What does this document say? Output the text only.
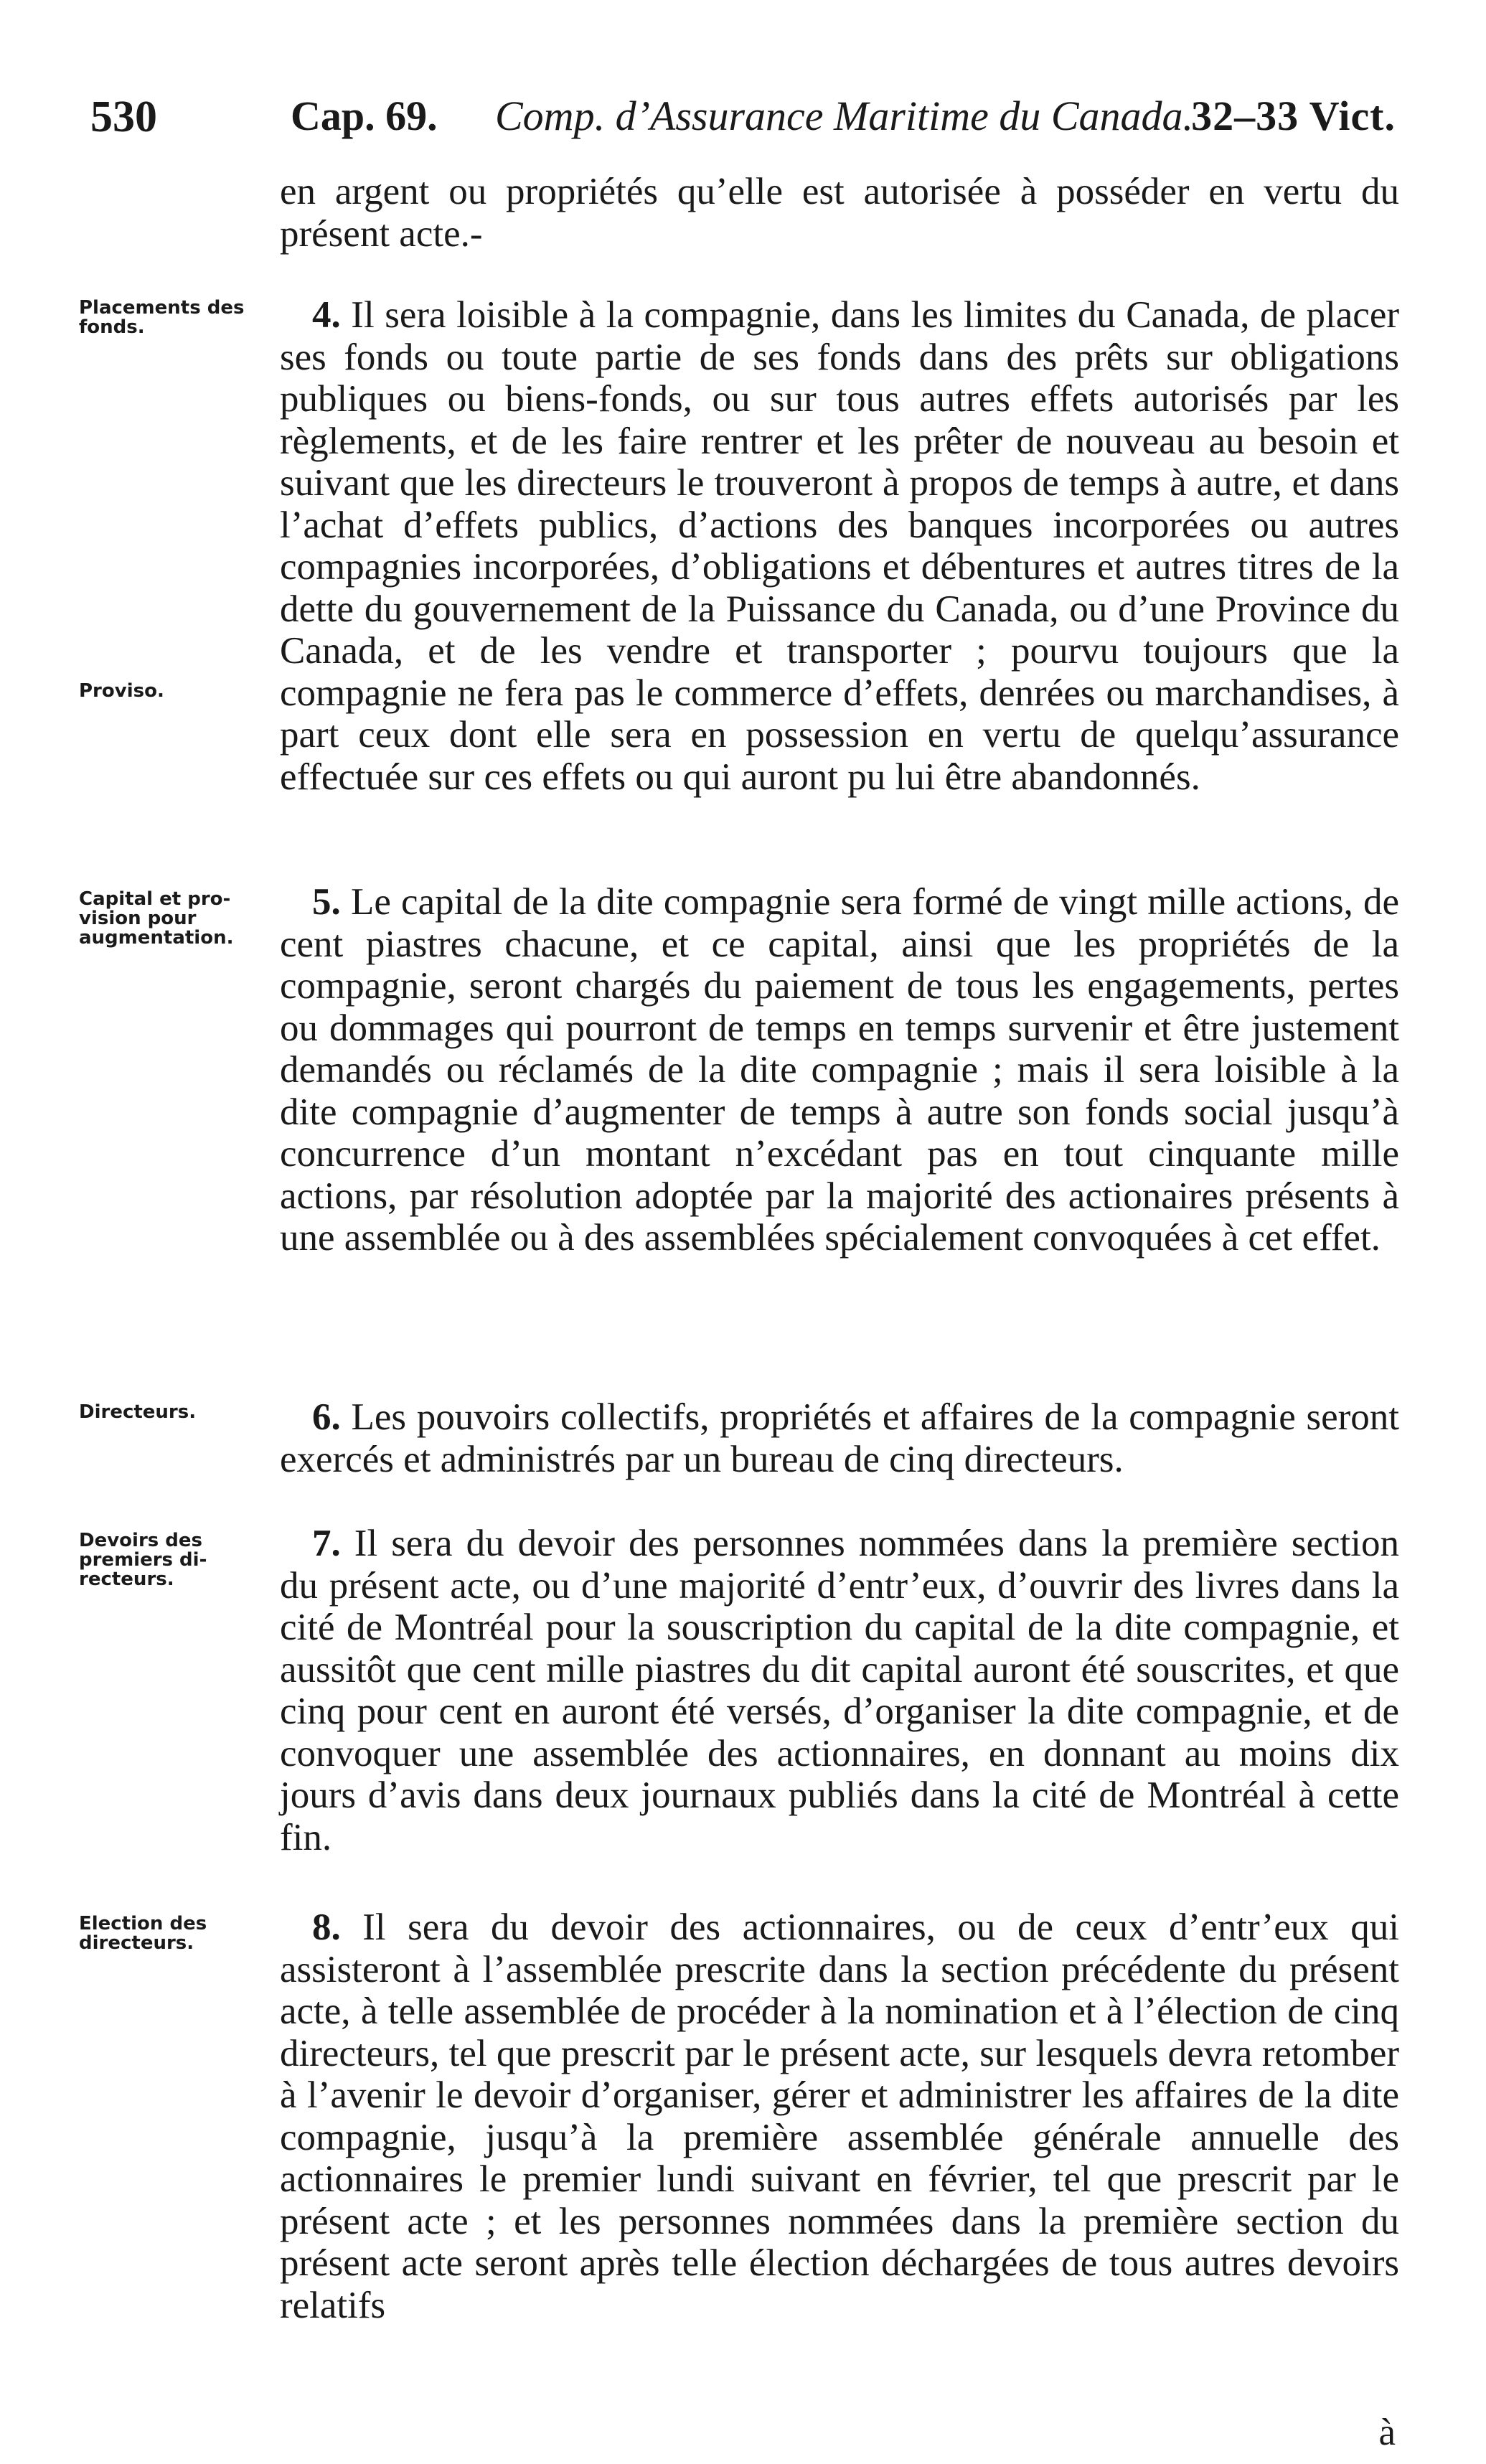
530	Cap. 69. Comp. d’Assurance Maritime du Canada.
32–33 Vict.

en argent ou propriétés qu’elle est autorisée à posséder en vertu du présent acte.-

Placements des fonds.	4. Il sera loisible à la compagnie, dans les limites du Canada, de placer ses fonds ou toute partie de ses fonds dans des prêts sur obligations publiques ou biens-fonds, ou sur tous autres effets autorisés par les règlements, et de les faire rentrer et les prêter de nouveau au besoin et suivant que les directeurs le trouveront à propos de temps à autre, et dans l’achat d’effets publics, d’actions des banques incorporées ou autres compagnies incorporées, d’obligations et débentures et autres titres de la dette du gouvernement de la Puissance du Canada, ou d’une Province du Canada, et de les vendre et transporter ; pourvu toujours que la compagnie ne fera pas le commerce d’effets, denrées ou marchandises, à part ceux dont elle sera en possession en vertu de quelqu’assurance effectuée sur ces effets ou qui auront pu lui être abandonnés.

Proviso.
Capital et provision pour augmentation.

5. Le capital de la dite compagnie sera formé de vingt mille actions, de cent piastres chacune, et ce capital, ainsi que les propriétés de la compagnie, seront chargés du paiement de tous les engagements, pertes ou dommages qui pourront de temps en temps survenir et être justement demandés ou réclamés de la dite compagnie ; mais il sera loisible à la dite compagnie d’augmenter de temps à autre son fonds social jusqu’à concurrence d’un montant n’excédant pas en tout cinquante mille actions, par résolution adoptée par la majorité des actionaires présents à une assemblée ou à des assemblées spécialement convoquées à cet effet.

Directeurs.	6. Les pouvoirs collectifs, propriétés et affaires de la compagnie seront exercés et administrés par un bureau de cinq directeurs.

Devoirs des premiers directeurs.

7. Il sera du devoir des personnes nommées dans la première section du présent acte, ou d’une majorité d’entr’eux, d’ouvrir des livres dans la cité de Montréal pour la souscription du capital de la dite compagnie, et aussitôt que cent mille piastres du dit capital auront été souscrites, et que cinq pour cent en auront été versés, d’organiser la dite compagnie, et de convoquer une assemblée des actionnaires, en donnant au moins dix jours d’avis dans deux journaux publiés dans la cité de Montréal à cette fin.

Election des directeurs.	8. Il sera du devoir des actionnaires, ou de ceux d’entr’eux qui assisteront à l’assemblée prescrite dans la section précédente du présent acte, à telle assemblée de procéder à la nomination et à l’élection de cinq directeurs, tel que prescrit par le présent acte, sur lesquels devra retomber à l’avenir le devoir d’organiser, gérer et administrer les affaires de la dite compagnie, jusqu’à la première assemblée générale annuelle des actionnaires le premier lundi suivant en février, tel que prescrit par le présent acte ; et les personnes nommées dans la première section du présent acte seront après telle élection déchargées de tous autres devoirs relatifs

à
